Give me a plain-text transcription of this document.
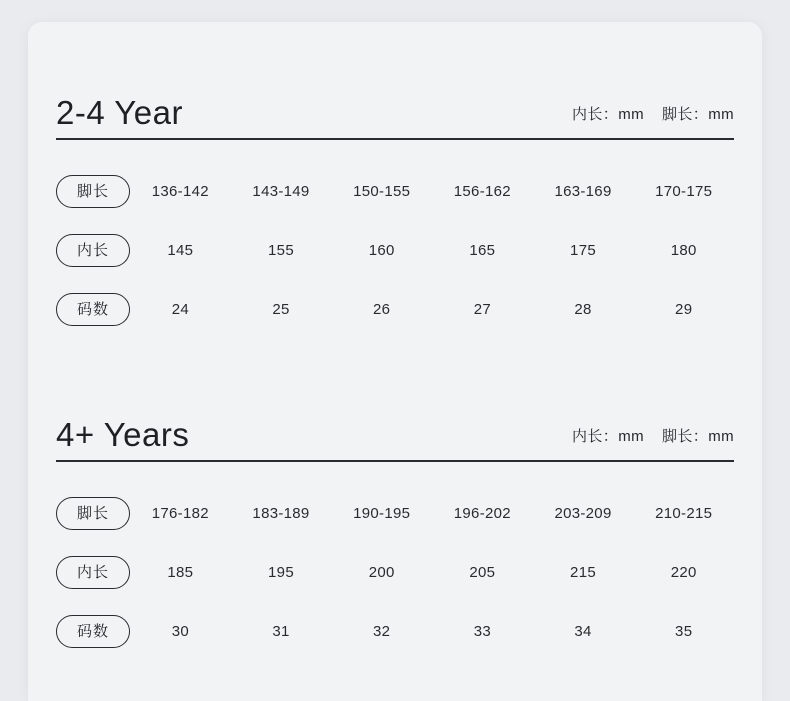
2-4 Year	内长：mm 脚长：mm
脚长	136-142	143-149	150-155	156-162	163-169	170-175
内长	145	155	160	165	175	180
码数	24	25	26	27	28	29
4+ Years	内长：mm 脚长：mm
脚长	176-182	183-189	190-195	196-202	203-209	210-215
内长	185	195	200	205	215	220
码数	30	31	32	33	34	35
